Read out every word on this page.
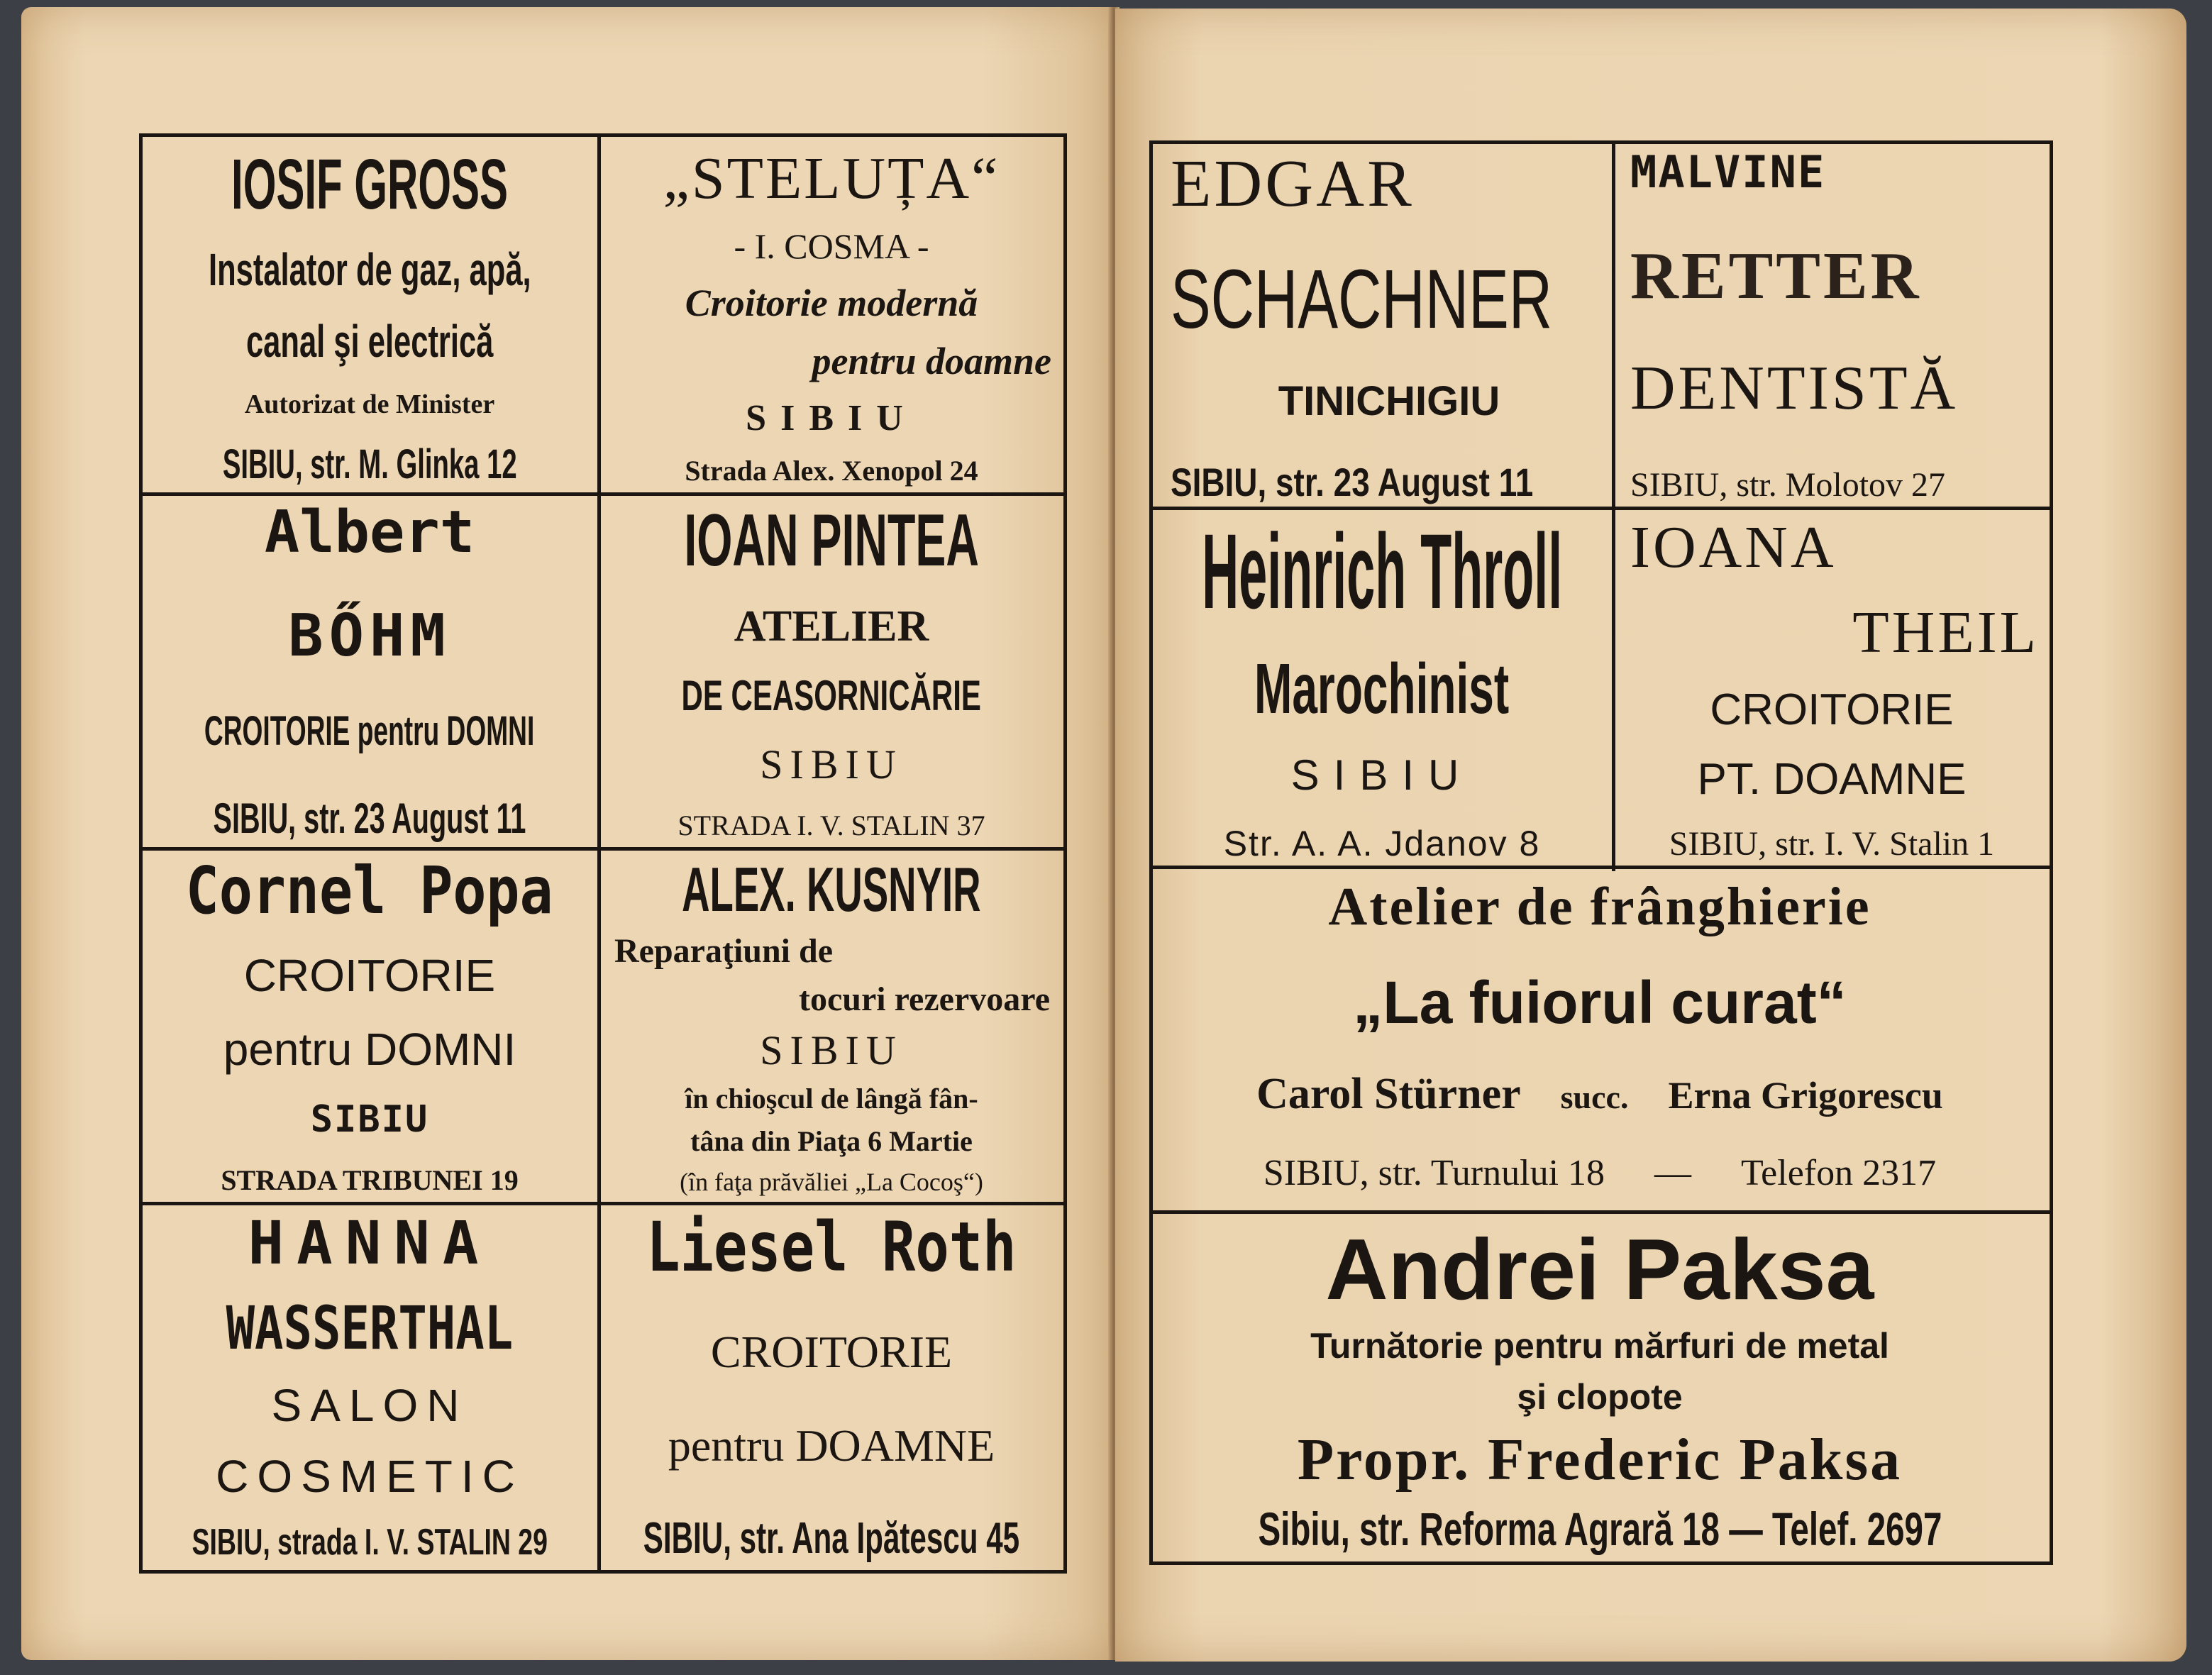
IOSIF GROSS
Instalator de gaz, apă,
canal şi electrică
Autorizat de Minister
SIBIU, str. M. Glinka 12
„STELUȚA“
- I. COSMA -
Croitorie modernă
pentru doamne
SIBIU
Strada Alex. Xenopol 24
Albert
BŐHM
CROITORIE pentru DOMNI
SIBIU, str. 23 August 11
IOAN PINTEA
ATELIER
DE CEASORNICĂRIE
SIBIU
STRADA I. V. STALIN 37
Cornel Popa
CROITORIE
pentru DOMNI
SIBIU
STRADA TRIBUNEI 19
ALEX. KUSNYIR
Reparaţiuni de
tocuri rezervoare
SIBIU
în chioşcul de lângă fân-
tâna din Piaţa 6 Martie
(în faţa prăvăliei „La Cocoş“)
HANNA
WASSERTHAL
SALON
COSMETIC
SIBIU, strada I. V. STALIN 29
Liesel Roth
CROITORIE
pentru DOAMNE
SIBIU, str. Ana Ipătescu 45
EDGAR
SCHACHNER
TINICHIGIU
SIBIU, str. 23 August 11
MALVINE
RETTER
DENTISTĂ
SIBIU, str. Molotov 27
Heinrich Throll
Marochinist
SIBIU
Str. A. A. Jdanov 8
IOANA
THEIL
CROITORIE
PT. DOAMNE
SIBIU, str. I. V. Stalin 1
Atelier de frânghierie
„La fuiorul curat“
Carol Stürner succ. Erna Grigorescu
SIBIU, str. Turnului 18 — Telefon 2317
Andrei Paksa
Turnătorie pentru mărfuri de metal
şi clopote
Propr. Frederic Paksa
Sibiu, str. Reforma Agrară 18 — Telef. 2697
